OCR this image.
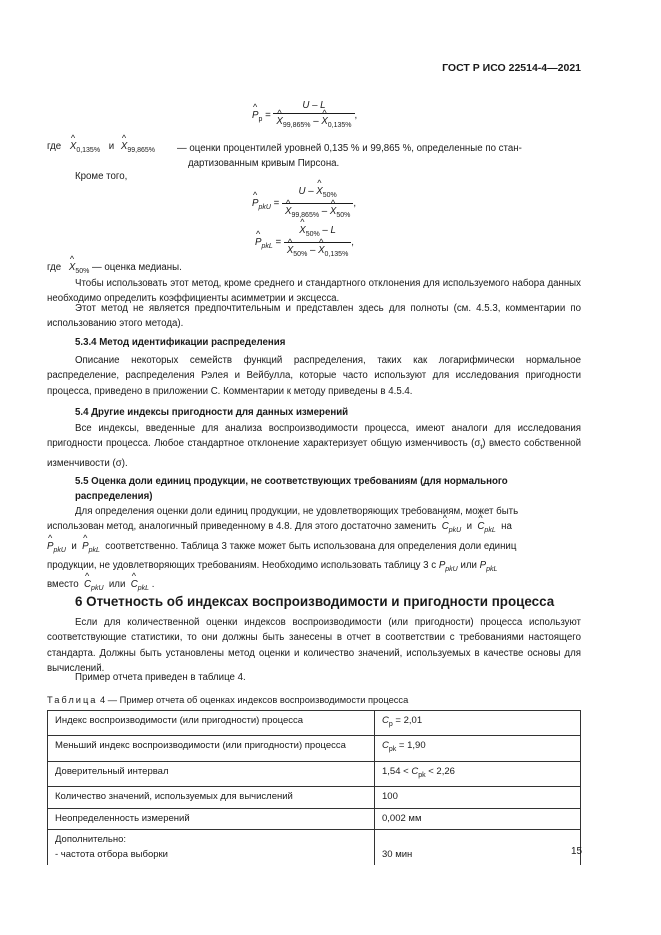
ГОСТ Р ИСО 22514-4—2021
^ $P_p = U - L$
^ $X_{99,865\%}$ – ^ $X_{0,135\%}$ ,
где ^ $X_{0,135\%}$ и ^ $X_{99,865\%}$ — оценки процентилей уровней 0,135 % и 99,865 %, определенные по стан-
дартизованным кривым Пирсона.
Кроме того,
^ $P_{pkU} = U$ – ^ $X_{50\%}$
^ $X_{99,865\%}$ – ^ $X_{50\%}$ ,
^ $P_{pkL}$ = ^ $X_{50\%}$ – L
^ $X_{50\%}$ – ^ $X_{0,135\%}$ ,
где ^ $X_{50\%}$ — оценка медианы.
Чтобы использовать этот метод, кроме среднего и стандартного отклонения для используемого набора данных необходимо определить коэффициенты асимметрии и эксцесса.
Этот метод не является предпочтительным и представлен здесь для полноты (см. 4.5.3, комментарии по использованию этого метода).
5.3.4 Метод идентификации распределения
Описание некоторых семейств функций распределения, таких как логарифмически нормальное распределение, распределения Рэлея и Вейбулла, которые часто используют для исследования пригодности процесса, приведено в приложении C. Комментарии к методу приведены в 4.5.4.
5.4 Другие индексы пригодности для данных измерений
Все индексы, введенные для анализа воспроизводимости процесса, имеют аналоги для исследования пригодности процесса. Любое стандартное отклонение характеризует общую изменчивость $(\sigma_t)$ вместо собственной изменчивости (σ).
5.5 Оценка доли единиц продукции, не соответствующих требованиям (для нормального распределения)
Для определения оценки доли единиц продукции, не удовлетворяющих требованиям, может быть
использован метод, аналогичный приведенному в 4.8. Для этого достаточно заменить ^ $C_{pkU}$ и ^ $C_{pkL}$ на
^ $P_{pkU}$ и ^ $P_{pkL}$ соответственно. Таблица 3 также может быть использована для определения доли единиц
продукции, не удовлетворяющих требованиям. Необходимо использовать таблицу 3 с $P_{pkU}$ или $P_{pkL}$
вместо ^ $C_{pkU}$ или ^ $C_{pkL}$ .
6 Отчетность об индексах воспроизводимости и пригодности процесса
Если для количественной оценки индексов воспроизводимости (или пригодности) процесса используют соответствующие статистики, то они должны быть занесены в отчет в соответствии с требованиями настоящего стандарта. Должны быть установлены метод оценки и количество значений, используемых в качестве основы для вычислений.
Пример отчета приведен в таблице 4.
Таблица 4 — Пример отчета об оценках индексов воспроизводимости процесса
Индекс воспроизводимости (или пригодности) процесса	$C_p = 2,01$
Меньший индекс воспроизводимости (или пригодности) процесса	$C_{pk} = 1,90$
Доверительный интервал	$1,54 < C_{pk} < 2,26$
Количество значений, используемых для вычислений	100
Неопределенность измерений	0,002 мм

Дополнительно:
- частота отбора выборки	30 мин	15
